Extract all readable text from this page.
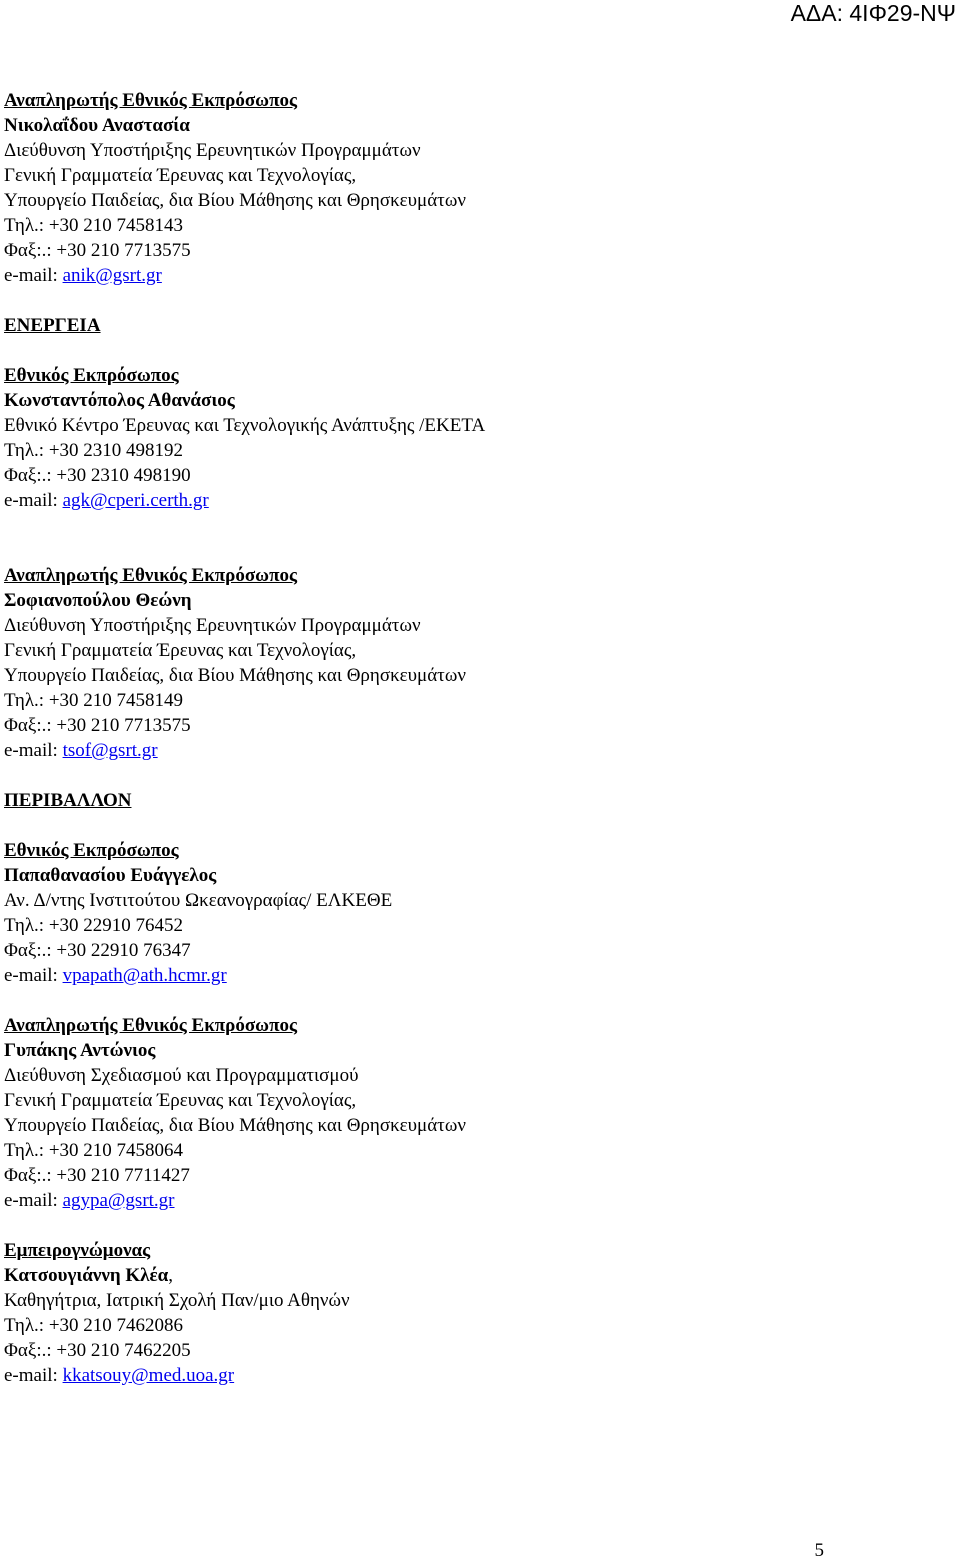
ΑΔΑ: 4ΙΦ29-ΝΨ
Αναπληρωτής Εθνικός Εκπρόσωπος
Νικολαΐδου Αναστασία
Διεύθυνση Υποστήριξης Ερευνητικών Προγραμμάτων
Γενική Γραμματεία Έρευνας και Τεχνολογίας,
Υπουργείο Παιδείας, δια Βίου Μάθησης και Θρησκευμάτων
Τηλ.: +30 210 7458143
Φαξ:.: +30 210 7713575
e-mail: anik@gsrt.gr
ΕΝΕΡΓΕΙΑ
Εθνικός Εκπρόσωπος
Κωνσταντόπολος Αθανάσιος
Εθνικό Κέντρο Έρευνας και Τεχνολογικής Ανάπτυξης /ΕΚΕΤΑ
Τηλ.: +30 2310 498192
Φαξ:.: +30 2310 498190
e-mail: agk@cperi.certh.gr
Αναπληρωτής Εθνικός Εκπρόσωπος
Σοφιανοπούλου Θεώνη
Διεύθυνση Υποστήριξης Ερευνητικών Προγραμμάτων
Γενική Γραμματεία Έρευνας και Τεχνολογίας,
Υπουργείο Παιδείας, δια Βίου Μάθησης και Θρησκευμάτων
Τηλ.: +30 210 7458149
Φαξ:.: +30 210 7713575
e-mail: tsof@gsrt.gr
ΠΕΡΙΒΑΛΛΟΝ
Εθνικός Εκπρόσωπος
Παπαθανασίου Ευάγγελος
Αν. Δ/ντης Ινστιτούτου Ωκεανογραφίας/ ΕΛΚΕΘΕ
Τηλ.: +30 22910 76452
Φαξ:.: +30 22910 76347
e-mail: vpapath@ath.hcmr.gr
Αναπληρωτής Εθνικός Εκπρόσωπος
Γυπάκης Αντώνιος
Διεύθυνση Σχεδιασμού και Προγραμματισμού
Γενική Γραμματεία Έρευνας και Τεχνολογίας,
Υπουργείο Παιδείας, δια Βίου Μάθησης και Θρησκευμάτων
Τηλ.: +30 210 7458064
Φαξ:.: +30 210 7711427
e-mail: agypa@gsrt.gr
Εμπειρογνώμονας
Κατσουγιάννη Κλέα,
Καθηγήτρια, Ιατρική Σχολή Παν/μιο Αθηνών
Τηλ.: +30 210 7462086
Φαξ:.: +30 210 7462205
e-mail: kkatsouy@med.uoa.gr
5
